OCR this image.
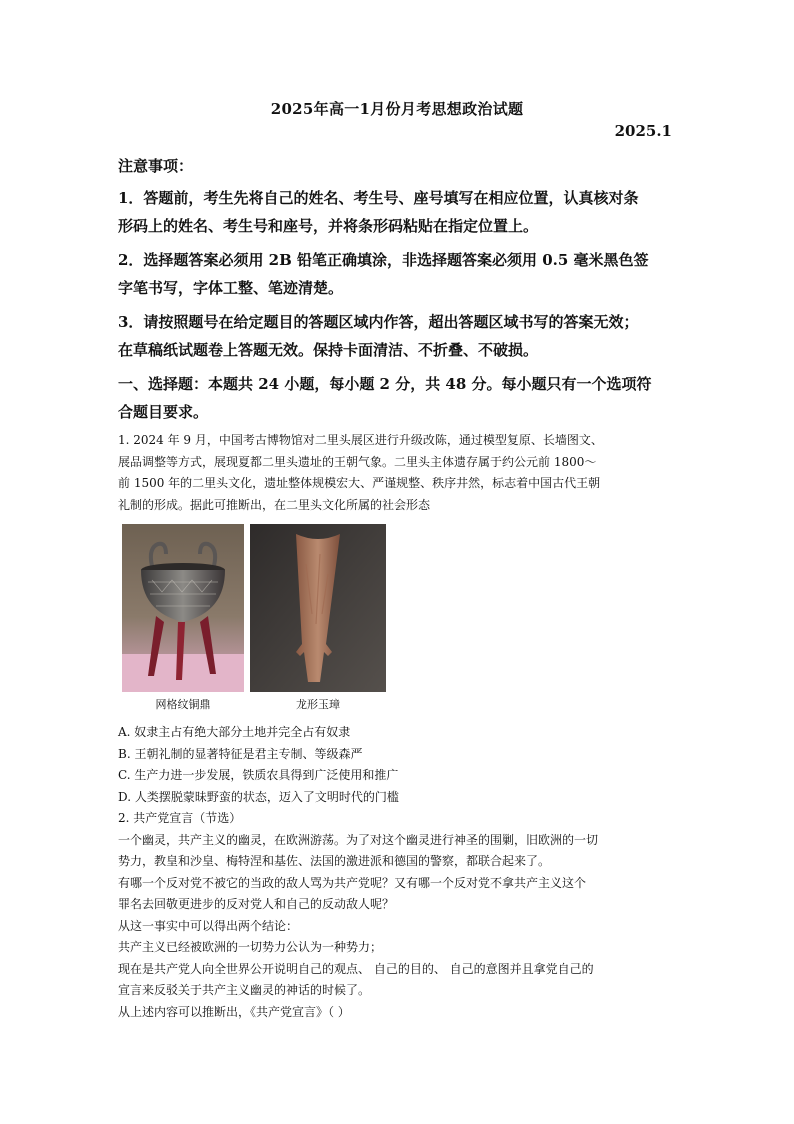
2025年高一1月份月考思想政治试题
2025.1
注意事项：
1．答题前，考生先将自己的姓名、考生号、座号填写在相应位置，认真核对条
形码上的姓名、考生号和座号，并将条形码粘贴在指定位置上。
2．选择题答案必须用 2B 铅笔正确填涂，非选择题答案必须用 0.5 毫米黑色签
字笔书写，字体工整、笔迹清楚。
3．请按照题号在给定题目的答题区域内作答，超出答题区域书写的答案无效；
在草稿纸试题卷上答题无效。保持卡面清洁、不折叠、不破损。
一、选择题：本题共 24 小题，每小题 2 分，共 48 分。每小题只有一个选项符
合题目要求。
1. 2024 年 9 月，中国考古博物馆对二里头展区进行升级改陈，通过模型复原、长墙图文、
展品调整等方式，展现夏都二里头遗址的王朝气象。二里头主体遗存属于约公元前 1800～
前 1500 年的二里头文化，遗址整体规模宏大、严谨规整、秩序井然，标志着中国古代王朝
礼制的形成。据此可推断出，在二里头文化所属的社会形态
网格纹铜鼎	龙形玉璋
A. 奴隶主占有绝大部分土地并完全占有奴隶
B. 王朝礼制的显著特征是君主专制、等级森严
C. 生产力进一步发展，铁质农具得到广泛使用和推广
D. 人类摆脱蒙昧野蛮的状态，迈入了文明时代的门槛
2. 共产党宣言（节选）
一个幽灵，共产主义的幽灵，在欧洲游荡。为了对这个幽灵进行神圣的围剿，旧欧洲的一切
势力，教皇和沙皇、梅特涅和基佐、法国的激进派和德国的警察，都联合起来了。
有哪一个反对党不被它的当政的敌人骂为共产党呢？又有哪一个反对党不拿共产主义这个
罪名去回敬更进步的反对党人和自己的反动敌人呢？
从这一事实中可以得出两个结论：
共产主义已经被欧洲的一切势力公认为一种势力；
现在是共产党人向全世界公开说明自己的观点、 自己的目的、 自己的意图并且拿党自己的
宣言来反驳关于共产主义幽灵的神话的时候了。
从上述内容可以推断出，《共产党宣言》（ ）
